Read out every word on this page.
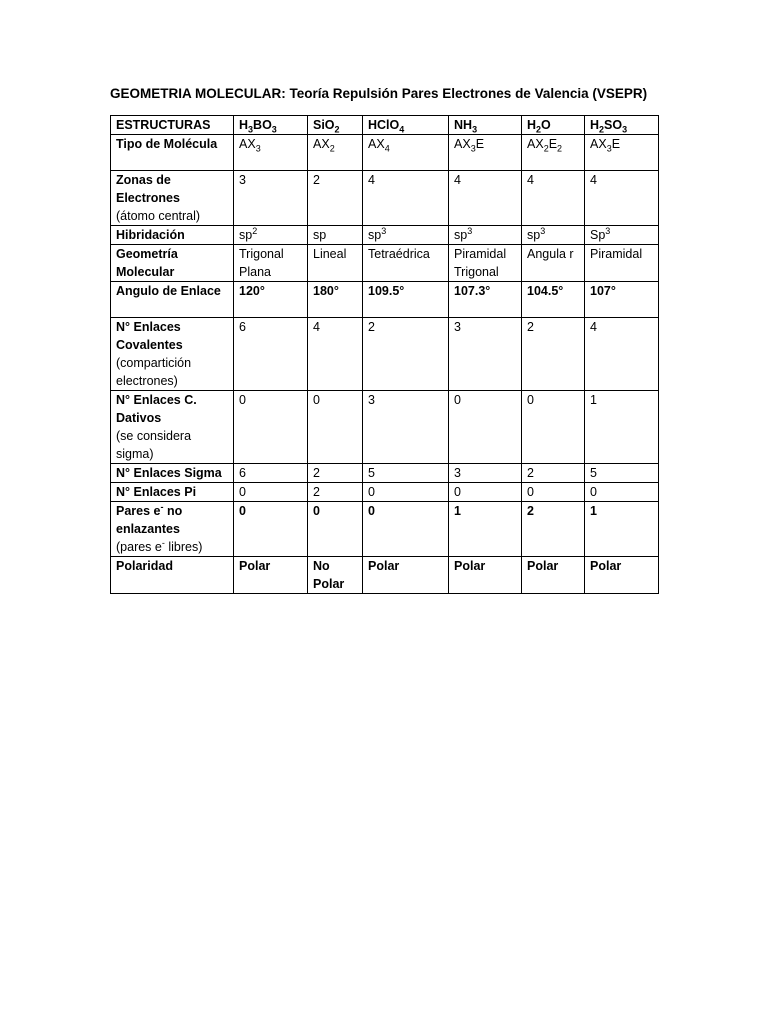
GEOMETRIA MOLECULAR: Teoría Repulsión Pares Electrones de Valencia (VSEPR)
ESTRUCTURAS	$H_3BO_3$	SiO$_2$	HClO$_4$	$NH_3$	$H_2O$	$H_2SO_3$
Tipo de Molécula	$AX_3$	$AX_2$	$AX_4$	$AX_3E$	$AX_2E_2$	$AX_3E$
Zonas de Electrones
(átomo central)	3	2	4	4	4	4
Hibridación	$sp^2$	sp	$sp^3$	$sp^3$	$sp^3$	Sp$^3$
Geometría Molecular	Trigonal Plana	Lineal	Tetraédrica	Piramidal Trigonal	Angula r	Piramidal
Angulo de Enlace	120°	180°	109.5°	107.3°	104.5°	107°
N° Enlaces Covalentes
(compartición electrones)	6	4	2	3	2	4
N° Enlaces C. Dativos
(se considera sigma)	0	0	3	0	0	1
N° Enlaces Sigma	6	2	5	3	2	5
N° Enlaces Pi	0	2	0	0	0	0
Pares e- no enlazantes
(pares e- libres)	0	0	0	1	2	1
Polaridad	Polar	No Polar	Polar	Polar	Polar	Polar
